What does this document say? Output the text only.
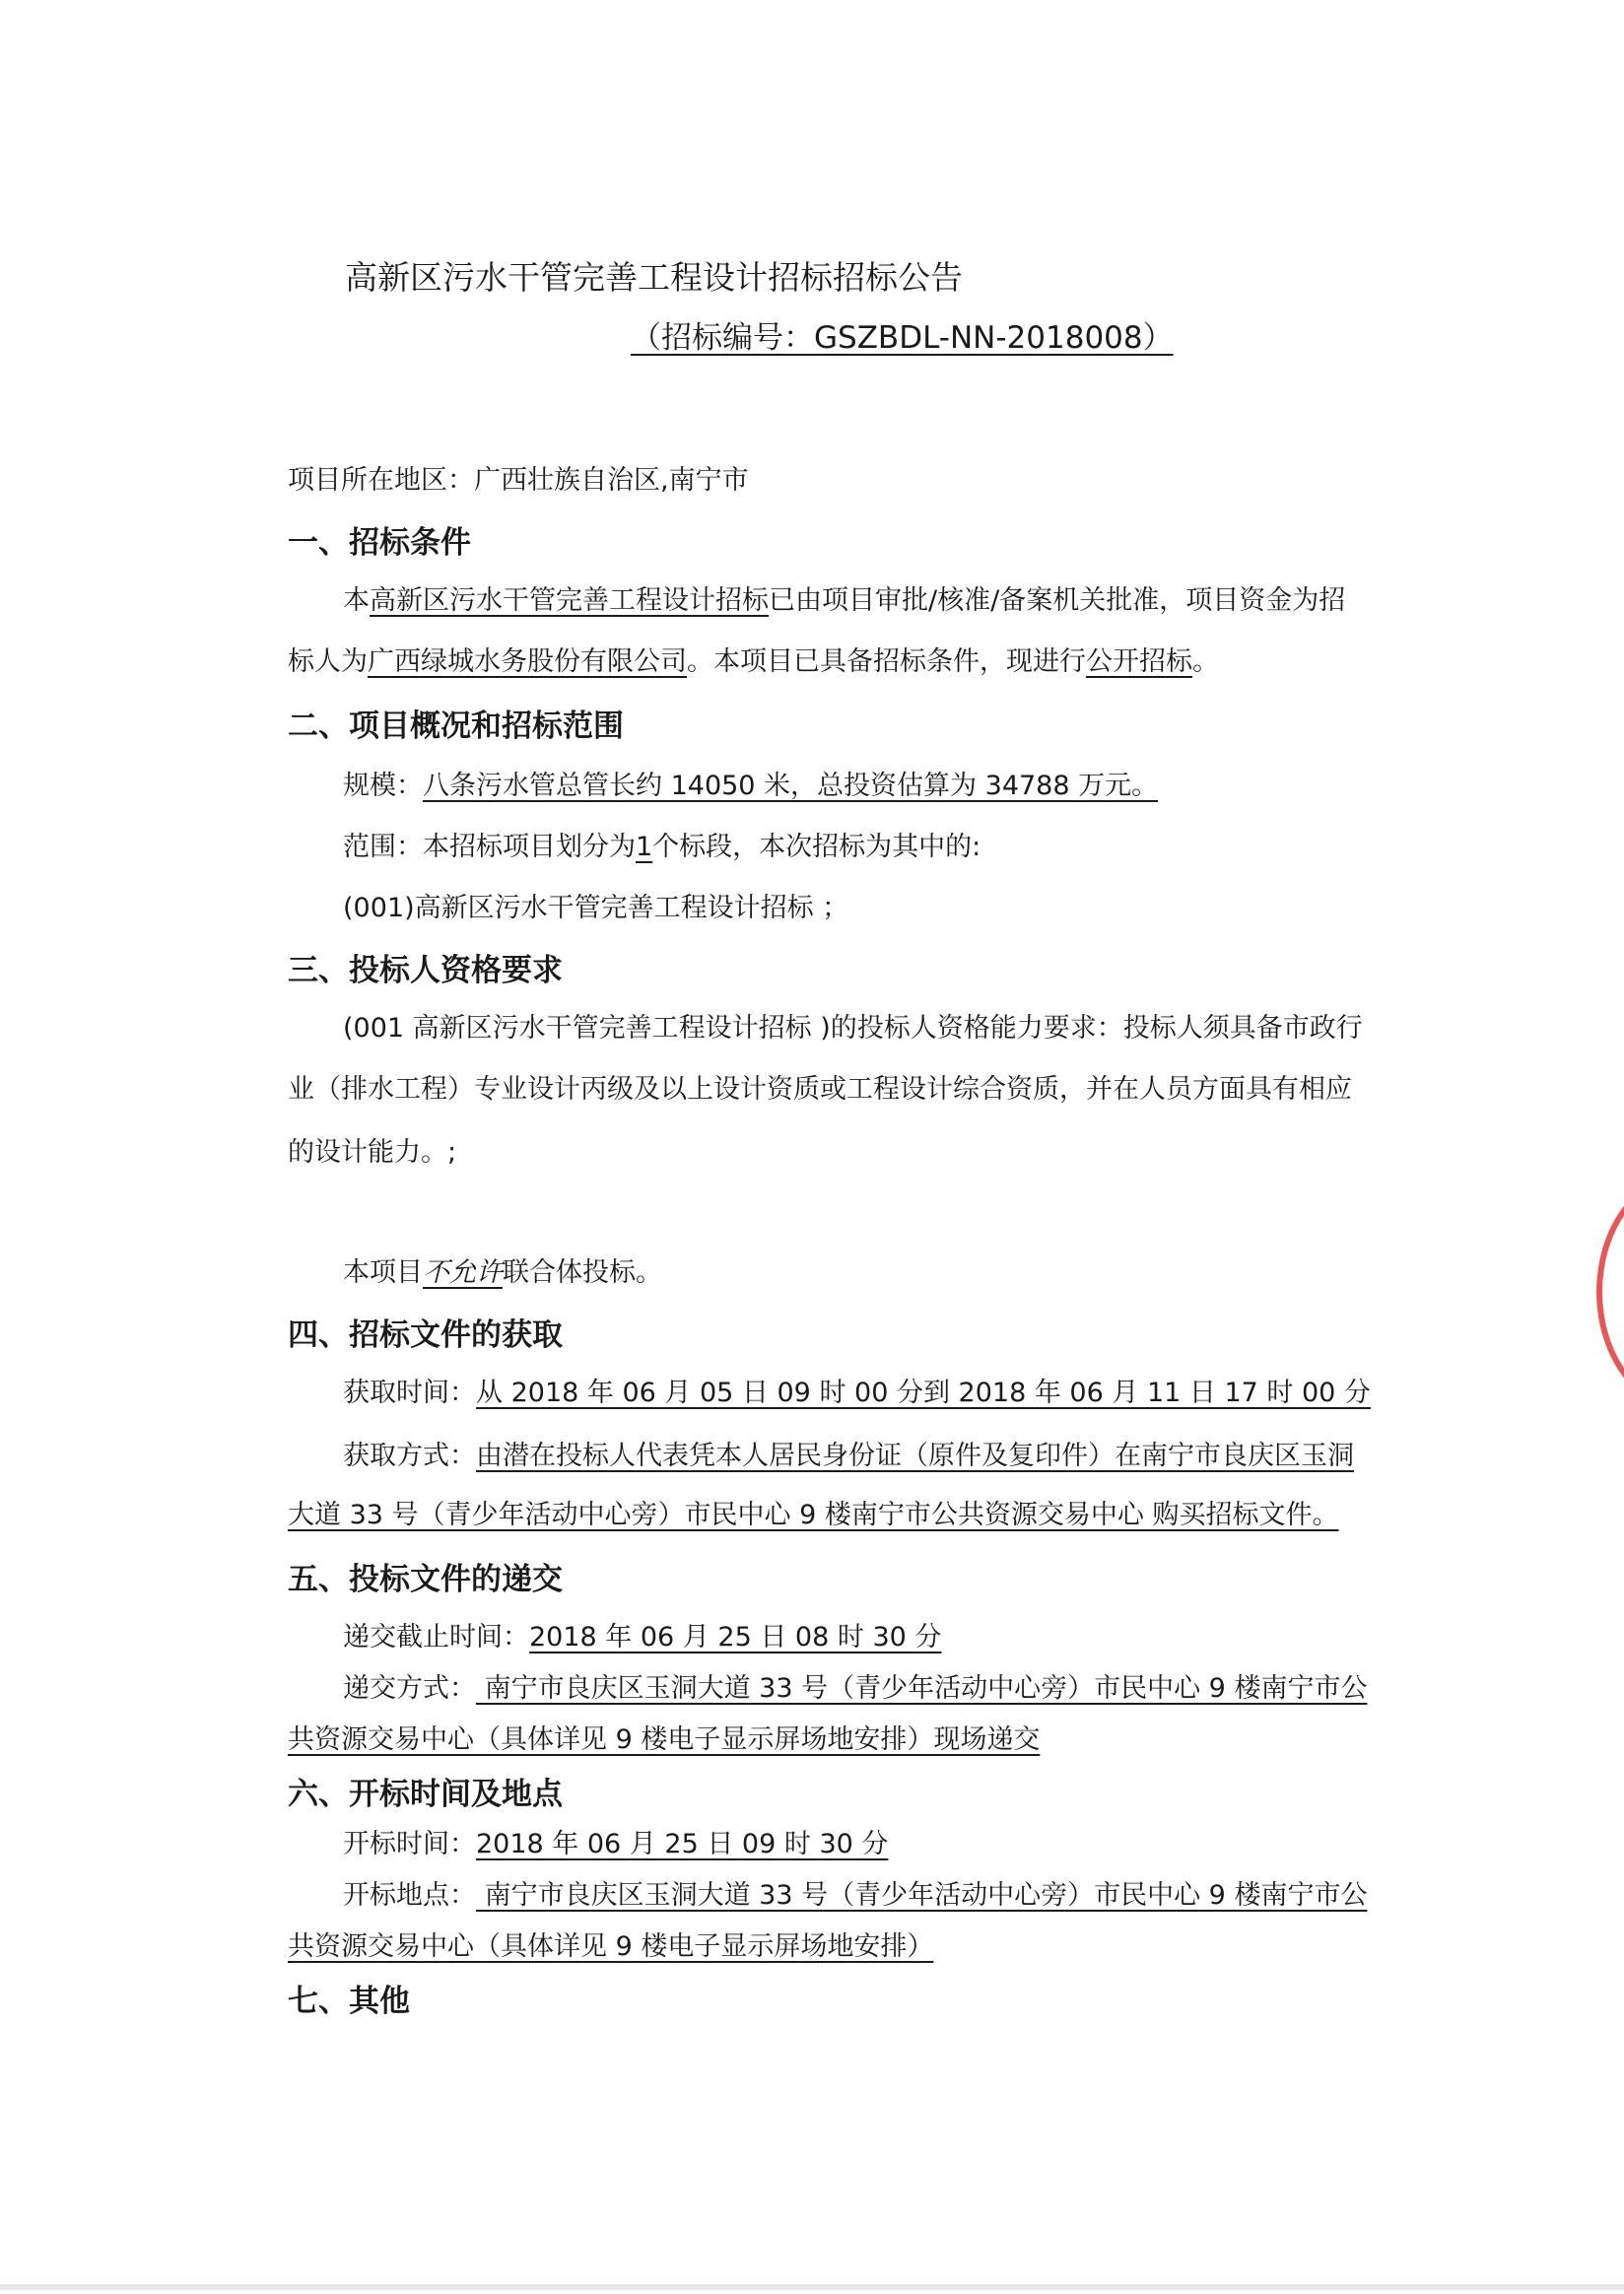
高新区污水干管完善工程设计招标招标公告
（招标编号：GSZBDL-NN-2018008）
项目所在地区：广西壮族自治区,南宁市
一、招标条件
本高新区污水干管完善工程设计招标已由项目审批/核准/备案机关批准，项目资金为招
标人为广西绿城水务股份有限公司。本项目已具备招标条件，现进行公开招标。
二、项目概况和招标范围
规模：八条污水管总管长约 14050 米，总投资估算为 34788 万元。
范围：本招标项目划分为1个标段，本次招标为其中的:
(001)高新区污水干管完善工程设计招标 ；
三、投标人资格要求
(001 高新区污水干管完善工程设计招标 )的投标人资格能力要求：投标人须具备市政行
业（排水工程）专业设计丙级及以上设计资质或工程设计综合资质，并在人员方面具有相应
的设计能力。;
本项目不允许联合体投标。
四、招标文件的获取
获取时间：从 2018 年 06 月 05 日 09 时 00 分到 2018 年 06 月 11 日 17 时 00 分
获取方式：由潜在投标人代表凭本人居民身份证（原件及复印件）在南宁市良庆区玉洞
大道 33 号（青少年活动中心旁）市民中心 9 楼南宁市公共资源交易中心 购买招标文件。
五、投标文件的递交
递交截止时间：2018 年 06 月 25 日 08 时 30 分
递交方式： 南宁市良庆区玉洞大道 33 号（青少年活动中心旁）市民中心 9 楼南宁市公
共资源交易中心（具体详见 9 楼电子显示屏场地安排）现场递交
六、开标时间及地点
开标时间：2018 年 06 月 25 日 09 时 30 分
开标地点： 南宁市良庆区玉洞大道 33 号（青少年活动中心旁）市民中心 9 楼南宁市公
共资源交易中心（具体详见 9 楼电子显示屏场地安排）
七、其他
